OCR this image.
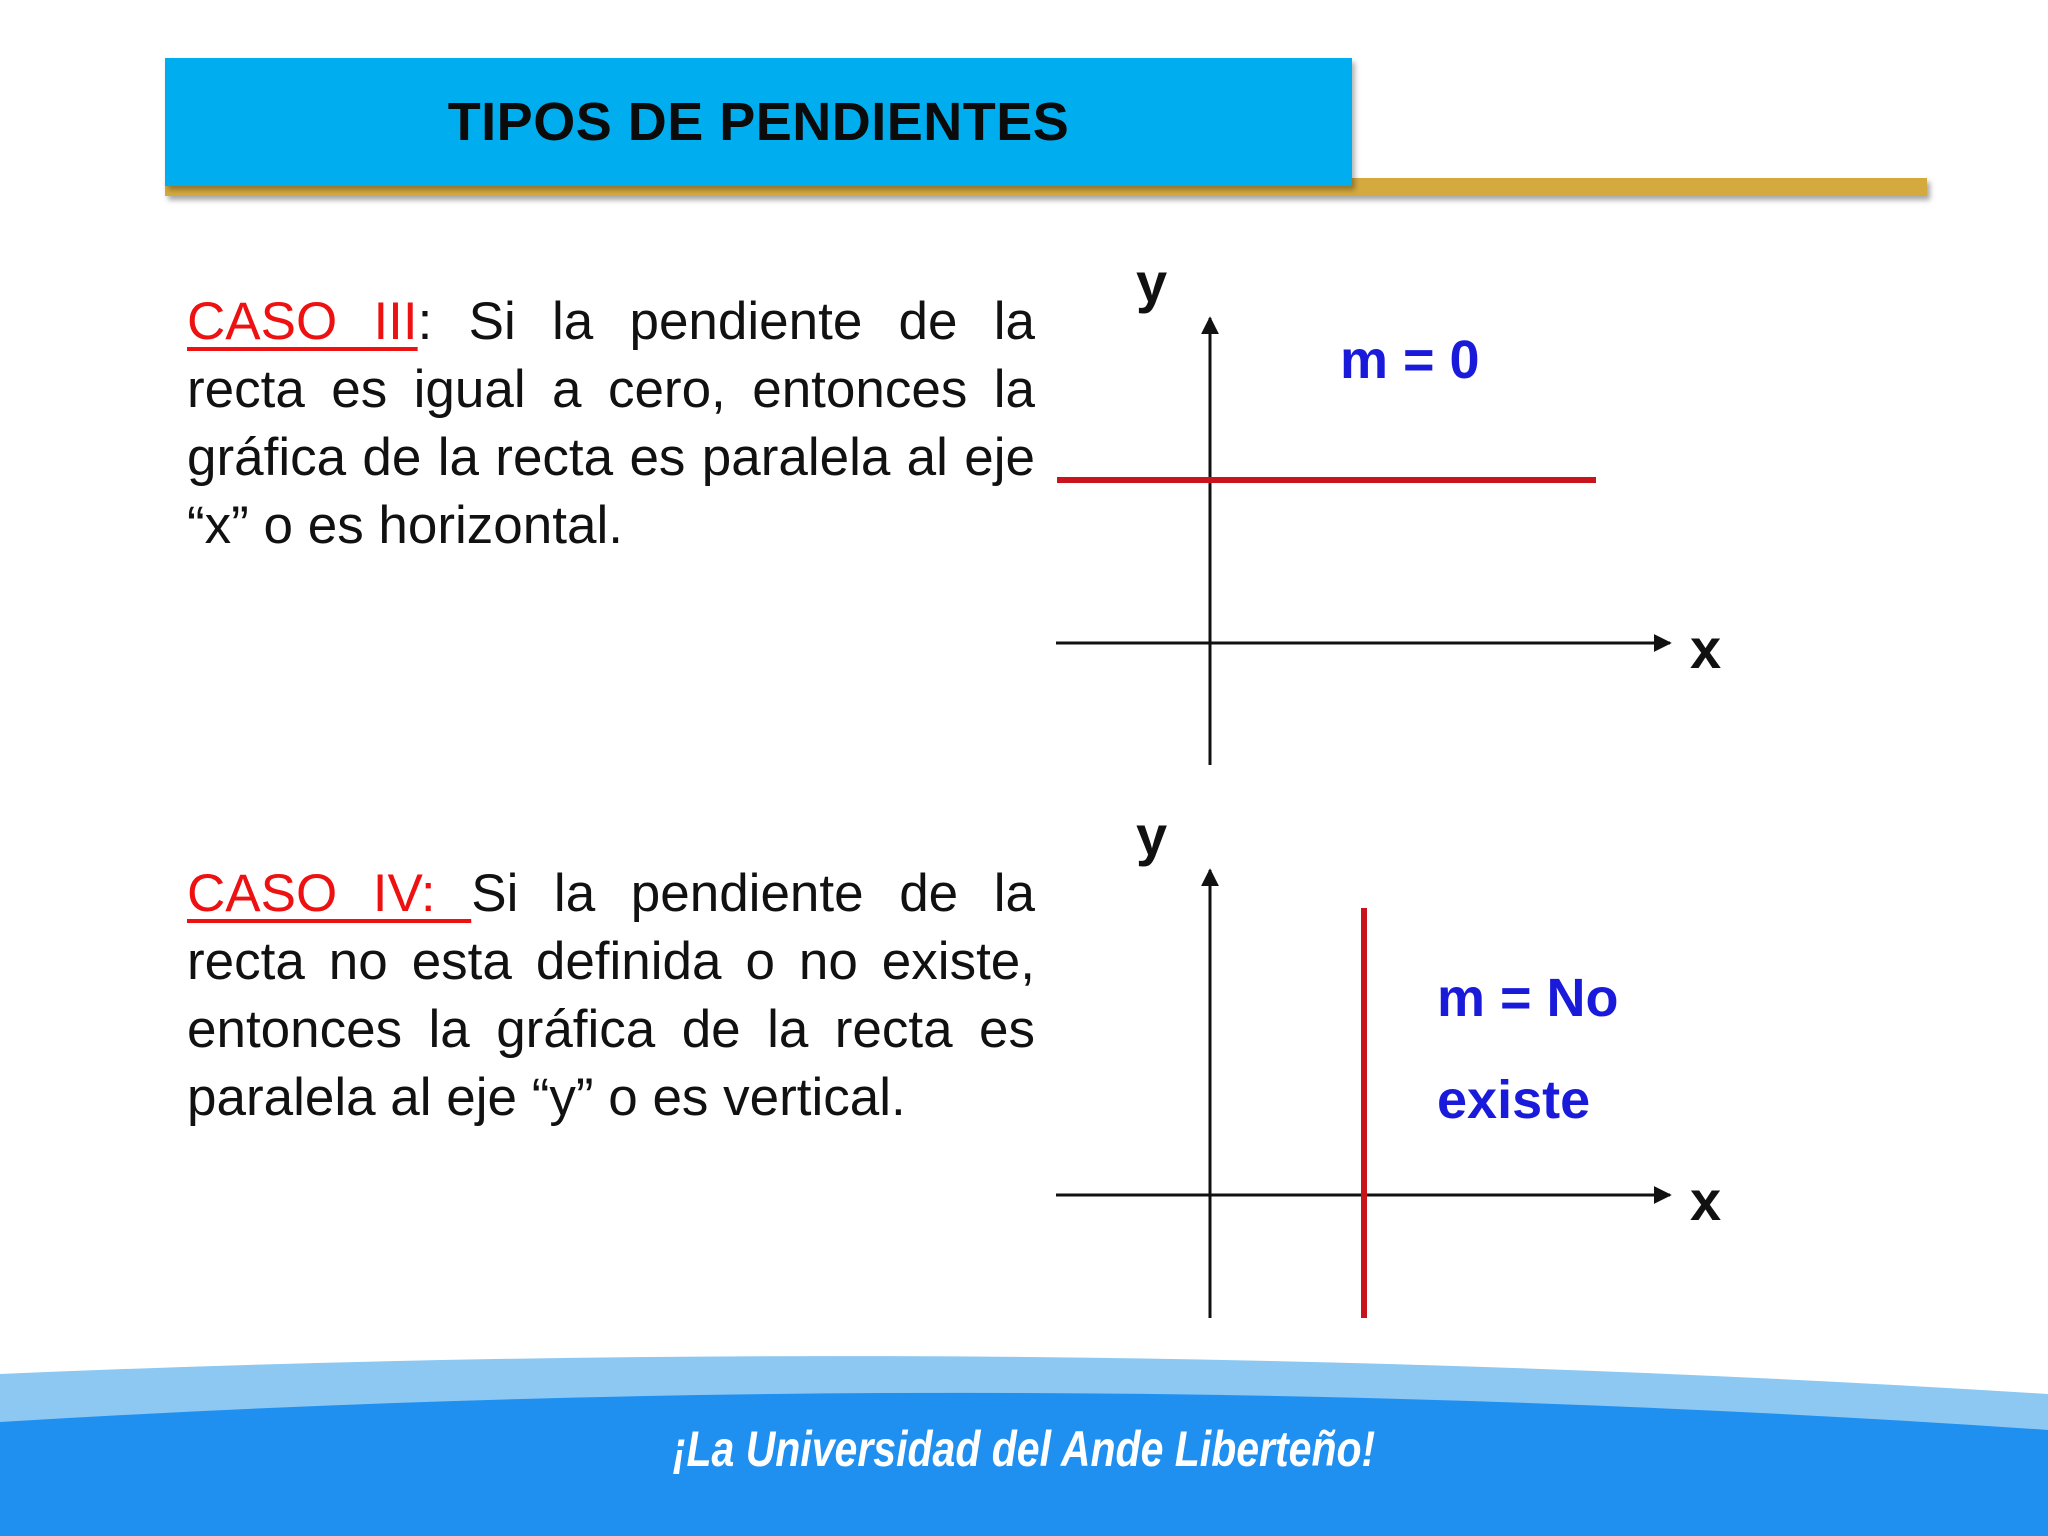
TIPOS DE PENDIENTES
CASO III: Si la pendiente de la recta es igual a cero, entonces la gráfica de la recta es paralela al eje “x” o es horizontal.
CASO IV: Si la pendiente de la recta no esta definida o no existe, entonces la gráfica de la recta es paralela al eje “y” o es vertical.
y
x
m = 0
y
x
m = No
existe
¡La Universidad del Ande Liberteño!
